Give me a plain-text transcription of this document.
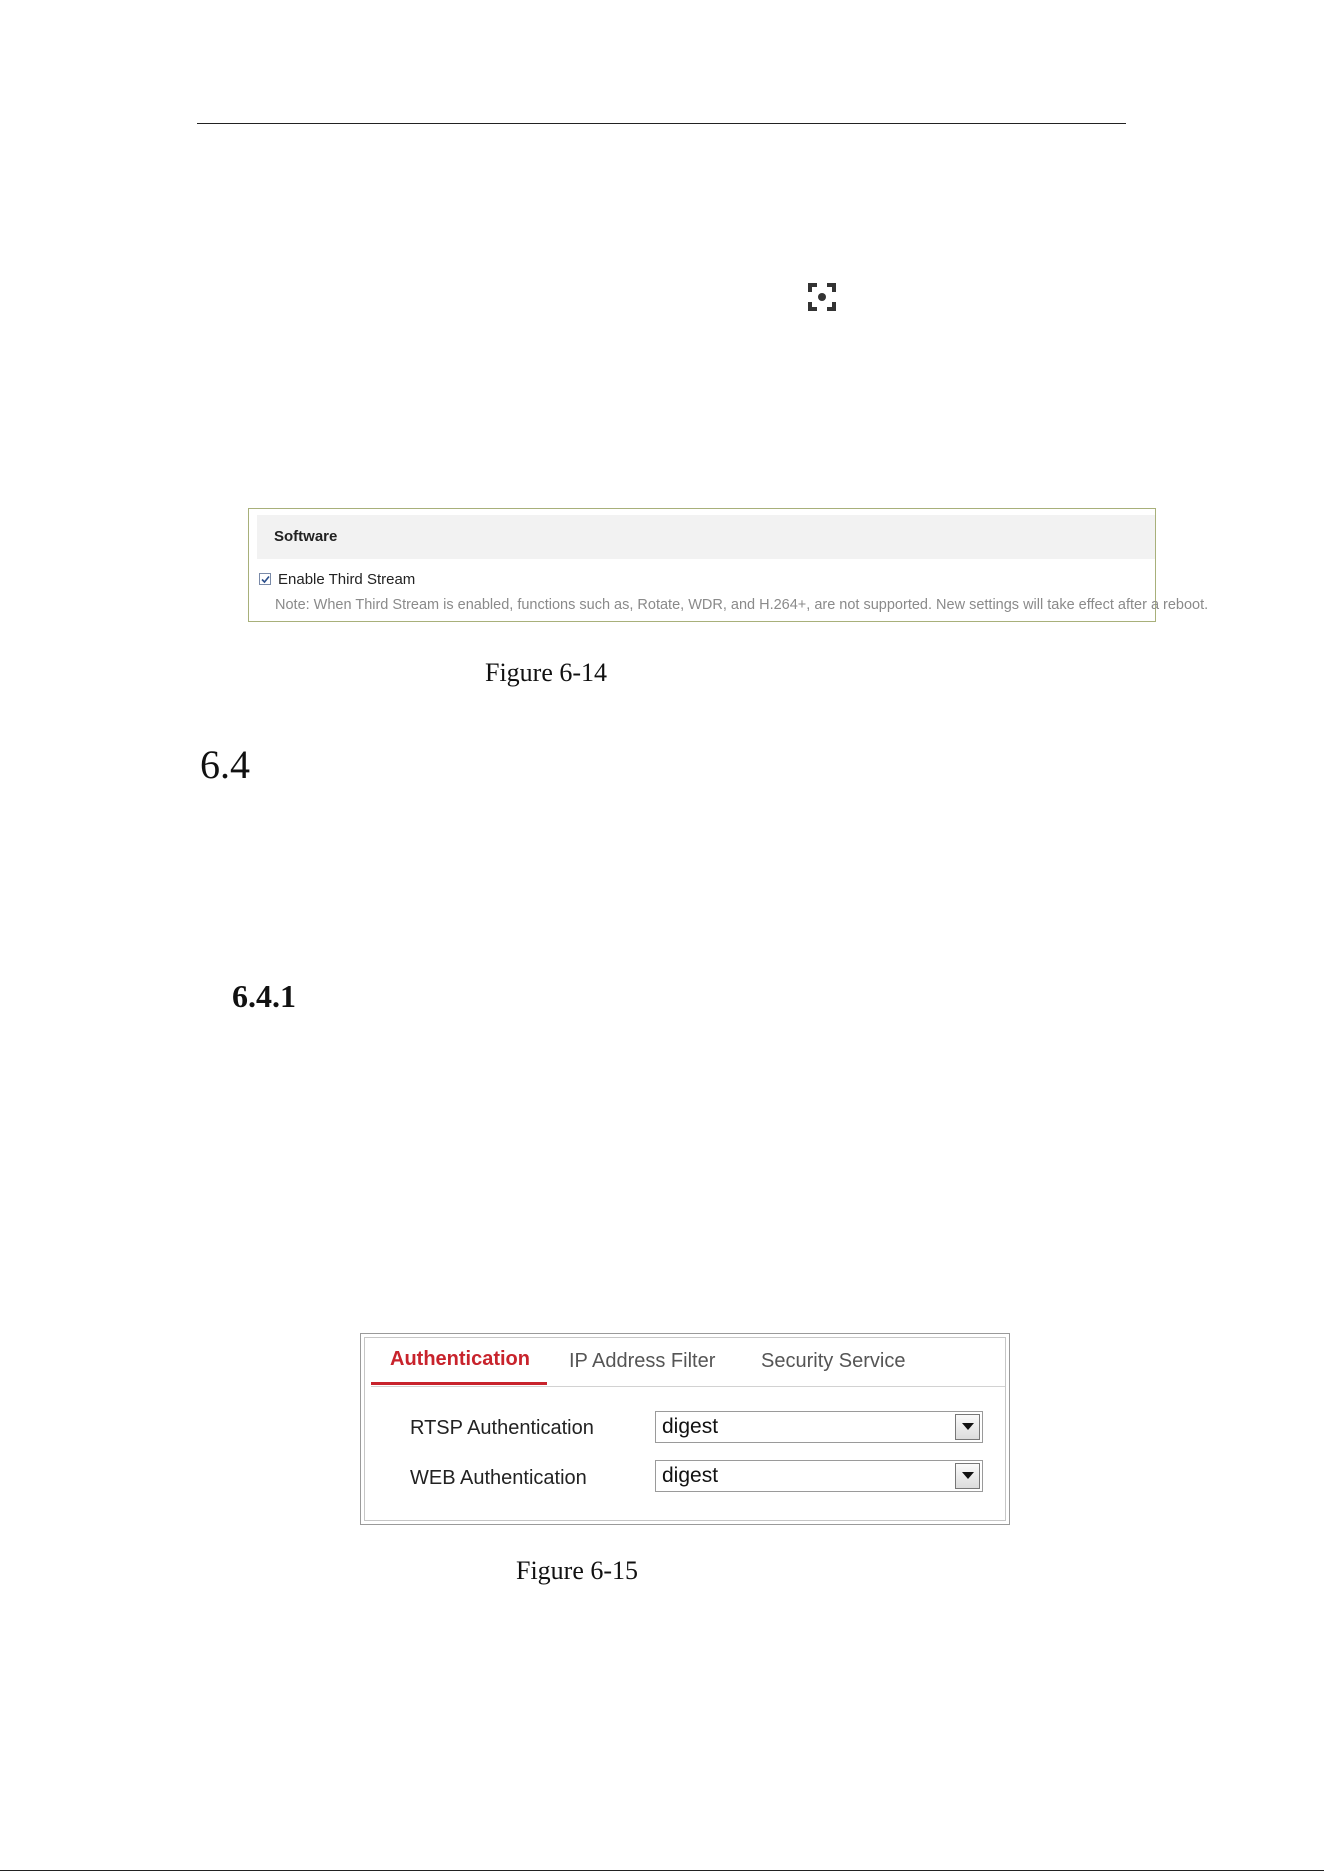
Software
Enable Third Stream
Note: When Third Stream is enabled, functions such as, Rotate, WDR, and H.264+, are not supported. New settings will take effect after a reboot.
Figure 6-14
6.4
6.4.1
Authentication	IP Address Filter Security Service
RTSP Authentication	digest
WEB Authentication	digest
Figure 6-15
